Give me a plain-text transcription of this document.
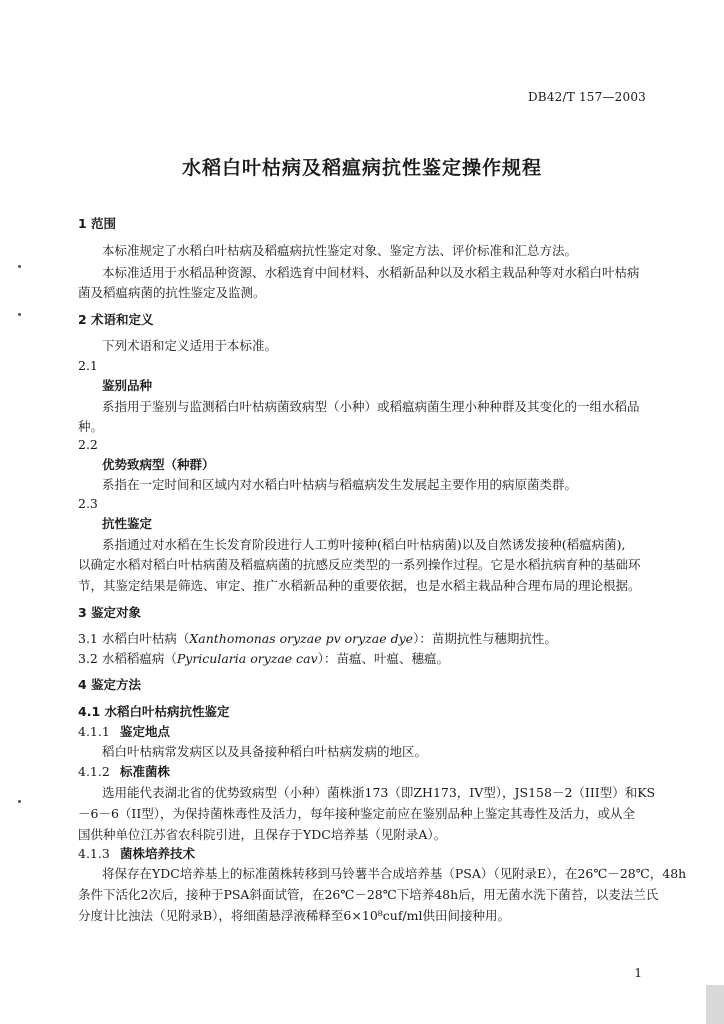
DB42/T 157—2003
水稻白叶枯病及稻瘟病抗性鉴定操作规程
1 范围
本标准规定了水稻白叶枯病及稻瘟病抗性鉴定对象、鉴定方法、评价标准和汇总方法。
本标准适用于水稻品种资源、水稻选育中间材料、水稻新品种以及水稻主栽品种等对水稻白叶枯病
菌及稻瘟病菌的抗性鉴定及监测。
2 术语和定义
下列术语和定义适用于本标准。
2.1
鉴别品种
系指用于鉴别与监测稻白叶枯病菌致病型（小种）或稻瘟病菌生理小种种群及其变化的一组水稻品
种。
2.2
优势致病型（种群）
系指在一定时间和区域内对水稻白叶枯病与稻瘟病发生发展起主要作用的病原菌类群。
2.3
抗性鉴定
系指通过对水稻在生长发育阶段进行人工剪叶接种(稻白叶枯病菌)以及自然诱发接种(稻瘟病菌),
以确定水稻对稻白叶枯病菌及稻瘟病菌的抗感反应类型的一系列操作过程。它是水稻抗病育种的基础环
节，其鉴定结果是筛选、审定、推广水稻新品种的重要依据，也是水稻主栽品种合理布局的理论根据。
3 鉴定对象
3.1 水稻白叶枯病（Xanthomonas oryzae pv oryzae dye）：苗期抗性与穗期抗性。
3.2 水稻稻瘟病（Pyricularia oryzae cav）：苗瘟、叶瘟、穗瘟。
4 鉴定方法
4.1 水稻白叶枯病抗性鉴定
4.1.1 鉴定地点
稻白叶枯病常发病区以及具备接种稻白叶枯病发病的地区。
4.1.2 标准菌株
选用能代表湖北省的优势致病型（小种）菌株浙173（即ZH173，IV型），JS158－2（III型）和KS
－6－6（II型），为保持菌株毒性及活力，每年接种鉴定前应在鉴别品种上鉴定其毒性及活力，或从全
国供种单位江苏省农科院引进，且保存于YDC培养基（见附录A）。
4.1.3 菌株培养技术
将保存在YDC培养基上的标准菌株转移到马铃薯半合成培养基（PSA）（见附录E），在26℃－28℃，48h
条件下活化2次后，接种于PSA斜面试管，在26℃－28℃下培养48h后，用无菌水洗下菌苔，以麦法兰氏
分度计比浊法（见附录B），将细菌悬浮液稀释至6×10⁸cuf/ml供田间接种用。
1
